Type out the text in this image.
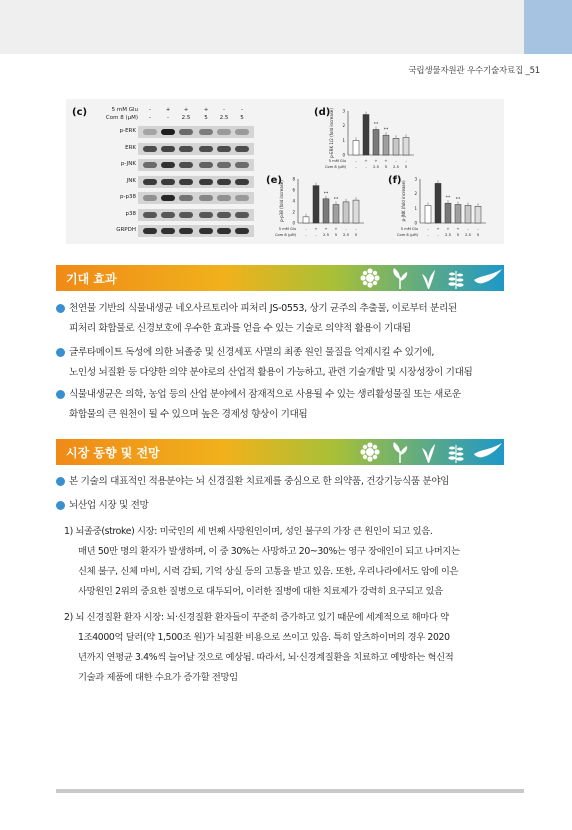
국립생물자원관 우수기술자료집 _51
(c)	5 mM Glu
Com 8 (μM)	(d)
p-ERK 1/2 (fold increase) 0
1
2
3
**
**
5 mM Glu
Com 8 (μM)
- + + + - -
- - 2.5 5 2.5 5
(e)
p-p38 (fold increase)
0
2
4
6
8
**
**
5 mM Glu
Com 8 (μM)
- + + + - -
- - 2.5 5 2.5 5
(f) p-JNK (fold increase)
0
1
2
3
** **
5 mM Glu
Com 8 (μM)
- + + + - -
- - 2.5 5 2.5 5
-	+	+	+	-	-
-	-	2.5	5	2.5	5
p-ERK
ERK
p-JNK
JNK
p-p38
p38
GRPDH
기대 효과
천연물 기반의 식물내생균 네오사르토리아 피처리 JS-0553, 상기 균주의 추출물, 이로부터 분리된
피처리 화합물로 신경보호에 우수한 효과를 얻을 수 있는 기술로 의약적 활용이 기대됨
글루타메이트 독성에 의한 뇌졸중 및 신경세포 사멸의 최종 원인 물질을 억제시킬 수 있기에,
노인성 뇌질환 등 다양한 의약 분야로의 산업적 활용이 가능하고, 관련 기술개발 및 시장성장이 기대됨
식물내생균은 의학, 농업 등의 산업 분야에서 잠재적으로 사용될 수 있는 생리활성물질 또는 새로운
화합물의 큰 원천이 될 수 있으며 높은 경제성 향상이 기대됨
시장 동향 및 전망
본 기술의 대표적인 적용분야는 뇌 신경질환 치료제를 중심으로 한 의약품, 건강기능식품 분야임
뇌산업 시장 및 전망
1) 뇌졸중(stroke) 시장: 미국인의 세 번째 사망원인이며, 성인 불구의 가장 큰 원인이 되고 있음.
매년 50만 명의 환자가 발생하며, 이 중 30%는 사망하고 20~30%는 영구 장애인이 되고 나머지는
신체 불구, 신체 마비, 시력 감퇴, 기억 상실 등의 고통을 받고 있음. 또한, 우리나라에서도 암에 이은
사망원인 2위의 중요한 질병으로 대두되어, 이러한 질병에 대한 치료제가 강력히 요구되고 있음
2) 뇌 신경질환 환자 시장: 뇌·신경질환 환자들이 꾸준히 증가하고 있기 때문에 세계적으로 해마다 약
1조4000억 달러(약 1,500조 원)가 뇌질환 비용으로 쓰이고 있음. 특히 알츠하이머의 경우 2020
년까지 연평균 3.4%씩 늘어날 것으로 예상됨. 따라서, 뇌·신경계질환을 치료하고 예방하는 혁신적
기술과 제품에 대한 수요가 증가할 전망임
